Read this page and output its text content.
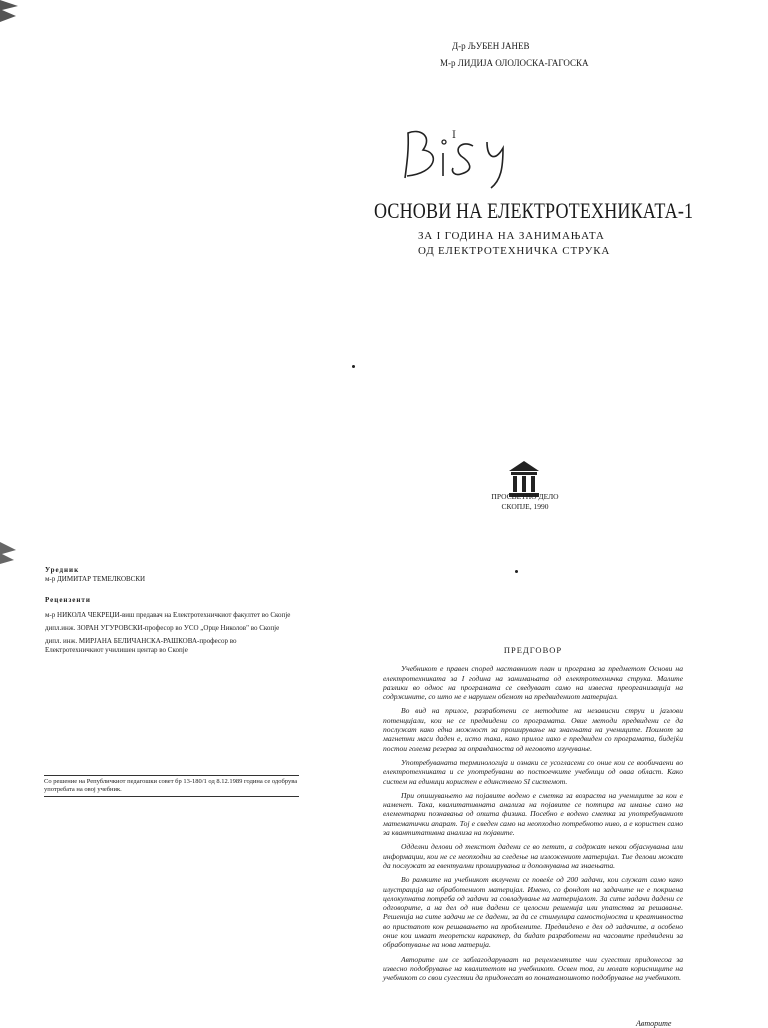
Д-р ЉУБЕН ЈАНЕВ
М-р ЛИДИЈА ОЛОЛОСКА-ГАГОСКА
I
ОСНОВИ НА ЕЛЕКТРОТЕХНИКАТА-1
ЗА I ГОДИНА НА ЗАНИМАЊАТА
ОД ЕЛЕКТРОТЕХНИЧКА СТРУКА
ПРОСВЕТНО ДЕЛО
СКОПЈЕ, 1990
Уредник
м-р ДИМИТАР ТЕМЕЛКОВСКИ
Рецензенти
м-р НИКОЛА ЧЕКРЕЏИ-виш предавач на Електротехничкиот факултет во Скопје
дипл.инж. ЗОРАН УГУРОВСКИ-професор во УСО „Орце Николов" во Скопје
дипл. инж. МИРЈАНА БЕЛИЧАНСКА-РАШКОВА-професор во Електротехничкиот училишен центар во Скопје
Со решение на Републичкиот педагошки совет бр 13-180/1 од 8.12.1989 година се одобрува употребата на овој учебник.
ПРЕДГОВОР

Учебникот е правен според наставниот план и програма за предметот Основи на електротехниката за I година на занимањата од електротехничка струка. Малите разлики во однос на програмата се сведуваат само на извесна преорганизација на содржините, со што не е нарушен обемот на предвидениот материјал.

Во вид на прилог, разработени се методите на независни струи и јазлови потенцијали, кои не се предвидени со програмата. Овие методи предвидени се да послужат како една можност за проширување на знаењата на учениците. Поимот за магнетни маси даден е, исто така, како прилог иако е предвиден со програмата, бидејќи постои голема резерва за оправданоста од неговото изучување.

Употребуваната терминологија и ознаки се усогласени со оние кои се вообичаени во електротехниката и се употребувани во постоечките учебници од оваа област. Како систем на единици користен е единствено SI системот.

При опишувањето на појавите водено е сметка за возраста на учениците за кои е наменет. Така, квалитативната анализа на појавите се потпира на имање само на елементарни познавања од општа физика. Посебно е водено сметка за употребуваниот математички апарат. Тој е сведен само на неопходно потребното ниво, а е користен само за квантитативна анализа на појавите.

Одделни делови од текстот дадени се во петит, а содржат некои објаснувања или информации, кои не се неопходни за следење на изложениот материјал. Тие делови можат да послужат за евентуални проширувања и дополнувања на знаењата.

Во рамките на учебникот вклучени се повеќе од 200 задачи, кои служат само како илустрација на обработениот материјал. Имено, со фондот на задачите не е покриена целокупната потреба од задачи за совладување на материјалот. За сите задачи дадени се одговорите, а на дел од нив дадени се целосни решенија или упатства за решавање. Решенија на сите задачи не се дадени, за да се стимулира самостојноста и креативноста во пристапот кон решавањето на проблемите. Предвидено е дел од задачите, а особено оние кои имаат теоретски карактер, да бидат разработени на часовите предвидени за обработување на нова материја.

Авторите им се заблагодаруваат на рецензентите чии сугестии придонесоа за извесно подобрување на квалитетот на учебникот. Освен тоа, ги молат корисниците на учебникот со свои сугестии да придонесат во понатамошното подобрување на учебникот.

Авторите
